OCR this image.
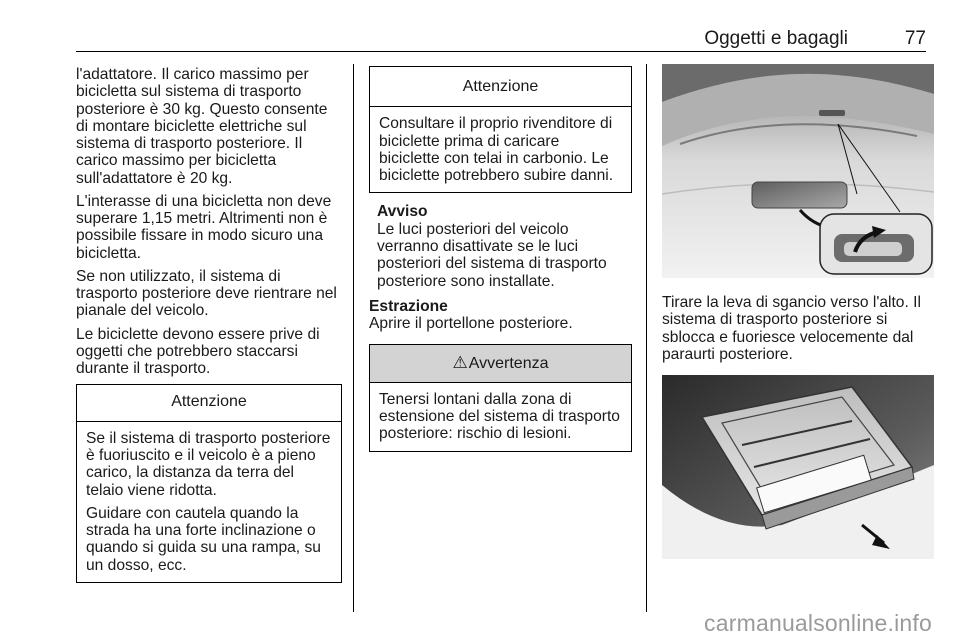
Oggetti e bagagli	77

l'adattatore. Il carico massimo per bicicletta sul sistema di trasporto posteriore è 30 kg. Questo consente di montare biciclette elettriche sul sistema di trasporto posteriore. Il carico massimo per bicicletta sull'adattatore è 20 kg.

L'interasse di una bicicletta non deve superare 1,15 metri. Altrimenti non è possibile fissare in modo sicuro una bicicletta.

Se non utilizzato, il sistema di trasporto posteriore deve rientrare nel pianale del veicolo.

Le biciclette devono essere prive di oggetti che potrebbero staccarsi durante il trasporto.

Attenzione

Se il sistema di trasporto posteriore è fuoriuscito e il veicolo è a pieno carico, la distanza da terra del telaio viene ridotta.

Guidare con cautela quando la strada ha una forte inclinazione o quando si guida su una rampa, su un dosso, ecc.

Attenzione

Consultare il proprio rivenditore di biciclette prima di caricare biciclette con telai in carbonio. Le biciclette potrebbero subire danni.

Avviso
Le luci posteriori del veicolo verranno disattivate se le luci posteriori del sistema di trasporto posteriore sono installate.
Estrazione
Aprire il portellone posteriore.
⚠Avvertenza

Tenersi lontani dalla zona di estensione del sistema di trasporto posteriore: rischio di lesioni.

Tirare la leva di sgancio verso l'alto. Il sistema di trasporto posteriore si sblocca e fuoriesce velocemente dal paraurti posteriore.
carmanualsonline.info
